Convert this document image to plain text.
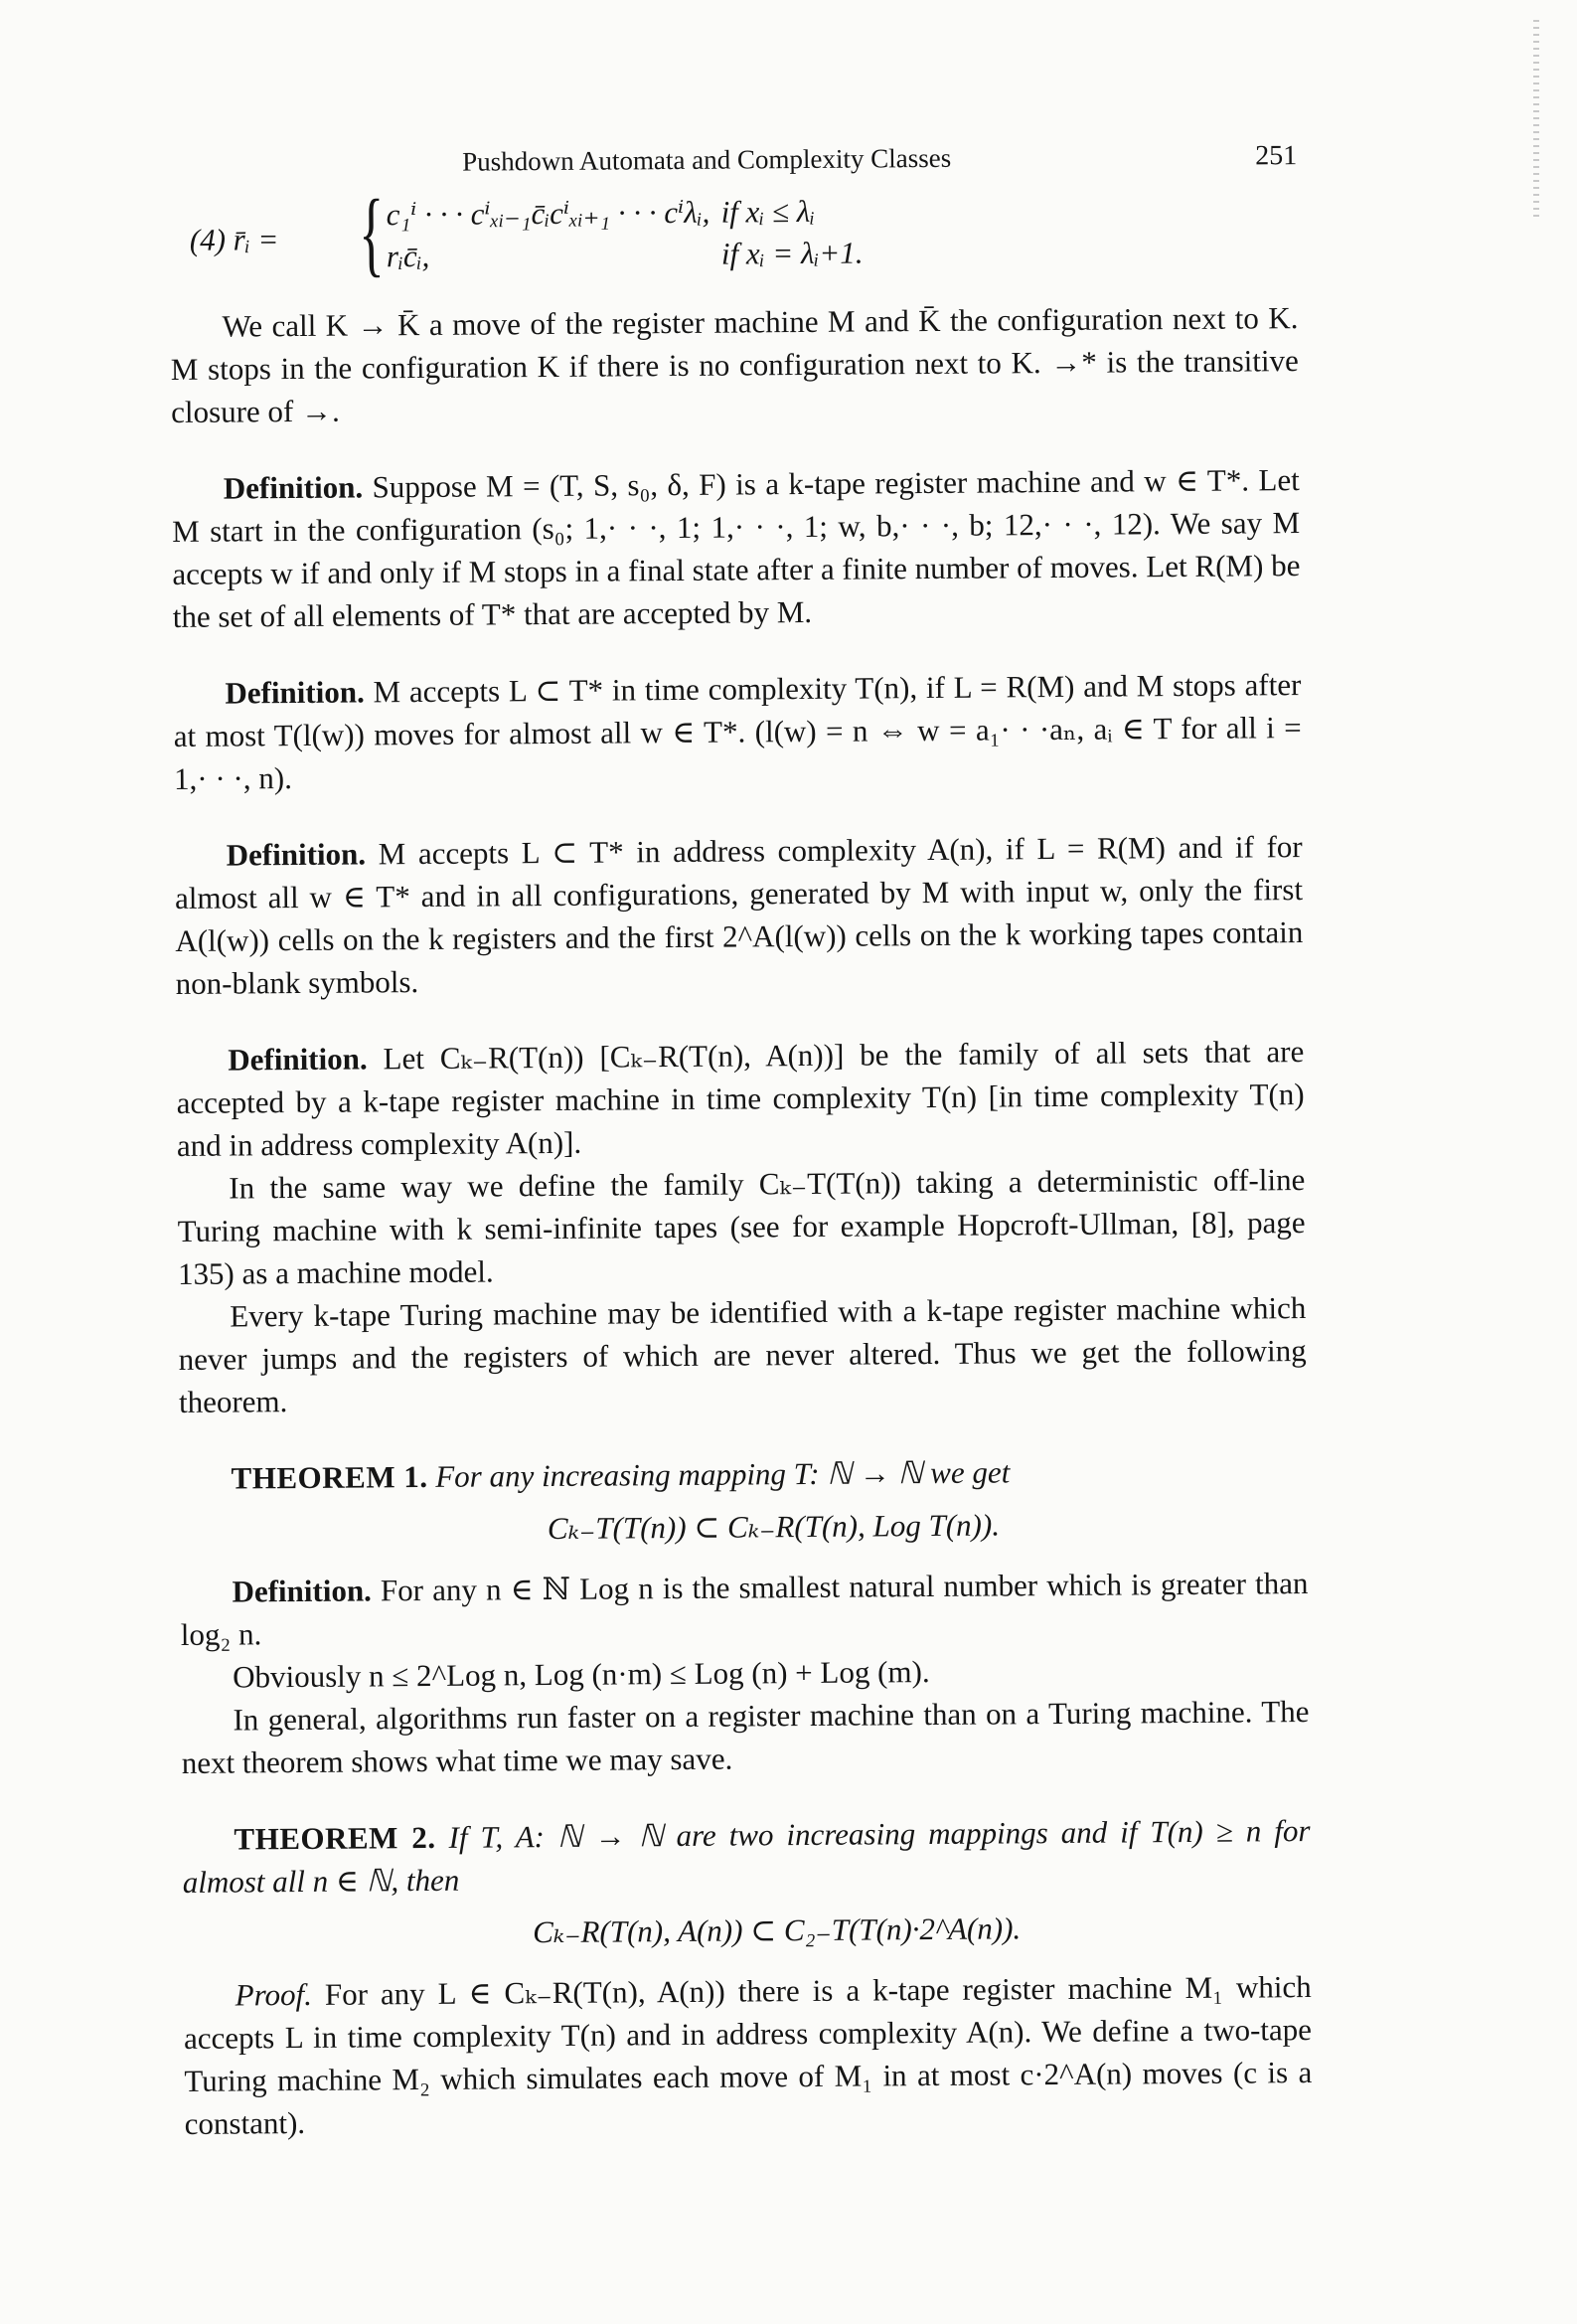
Pushdown Automata and Complexity Classes	251
(4) r̄ᵢ = { c₁ⁱ · · · cⁱₓᵢ₋₁c̄ᵢcⁱₓᵢ₊₁ · · · cⁱλᵢ, if xᵢ ≤ λᵢ
rᵢc̄ᵢ,	if xᵢ = λᵢ+1.

We call K → K̄ a move of the register machine M and K̄ the configuration next to K. M stops in the configuration K if there is no configuration next to K. →* is the transitive closure of →.

Definition. Suppose M = (T, S, s₀, δ, F) is a k-tape register machine and w ∈ T*. Let M start in the configuration (s₀; 1,· · ·, 1; 1,· · ·, 1; w, b,· · ·, b; 12,· · ·, 12). We say M accepts w if and only if M stops in a final state after a finite number of moves. Let R(M) be the set of all elements of T* that are accepted by M.

Definition. M accepts L ⊂ T* in time complexity T(n), if L = R(M) and M stops after at most T(l(w)) moves for almost all w ∈ T*. (l(w) = n ⇔ w = a₁· · ·aₙ, aᵢ ∈ T for all i = 1,· · ·, n).

Definition. M accepts L ⊂ T* in address complexity A(n), if L = R(M) and if for almost all w ∈ T* and in all configurations, generated by M with input w, only the first A(l(w)) cells on the k registers and the first 2^A(l(w)) cells on the k working tapes contain non-blank symbols.

Definition. Let Cₖ₋R(T(n)) [Cₖ₋R(T(n), A(n))] be the family of all sets that are accepted by a k-tape register machine in time complexity T(n) [in time complexity T(n) and in address complexity A(n)].

In the same way we define the family Cₖ₋T(T(n)) taking a deterministic off-line Turing machine with k semi-infinite tapes (see for example Hopcroft-Ullman, [8], page 135) as a machine model.

Every k-tape Turing machine may be identified with a k-tape register machine which never jumps and the registers of which are never altered. Thus we get the following theorem.

THEOREM 1. For any increasing mapping T: ℕ → ℕ we get

Cₖ₋T(T(n)) ⊂ Cₖ₋R(T(n), Log T(n)).

Definition. For any n ∈ ℕ Log n is the smallest natural number which is greater than log₂ n.

Obviously n ≤ 2^Log n, Log (n·m) ≤ Log (n) + Log (m).

In general, algorithms run faster on a register machine than on a Turing machine. The next theorem shows what time we may save.

THEOREM 2. If T, A: ℕ → ℕ are two increasing mappings and if T(n) ≥ n for almost all n ∈ ℕ, then

Cₖ₋R(T(n), A(n)) ⊂ C₂₋T(T(n)·2^A(n)).

Proof. For any L ∈ Cₖ₋R(T(n), A(n)) there is a k-tape register machine M₁ which accepts L in time complexity T(n) and in address complexity A(n). We define a two-tape Turing machine M₂ which simulates each move of M₁ in at most c·2^A(n) moves (c is a constant).
